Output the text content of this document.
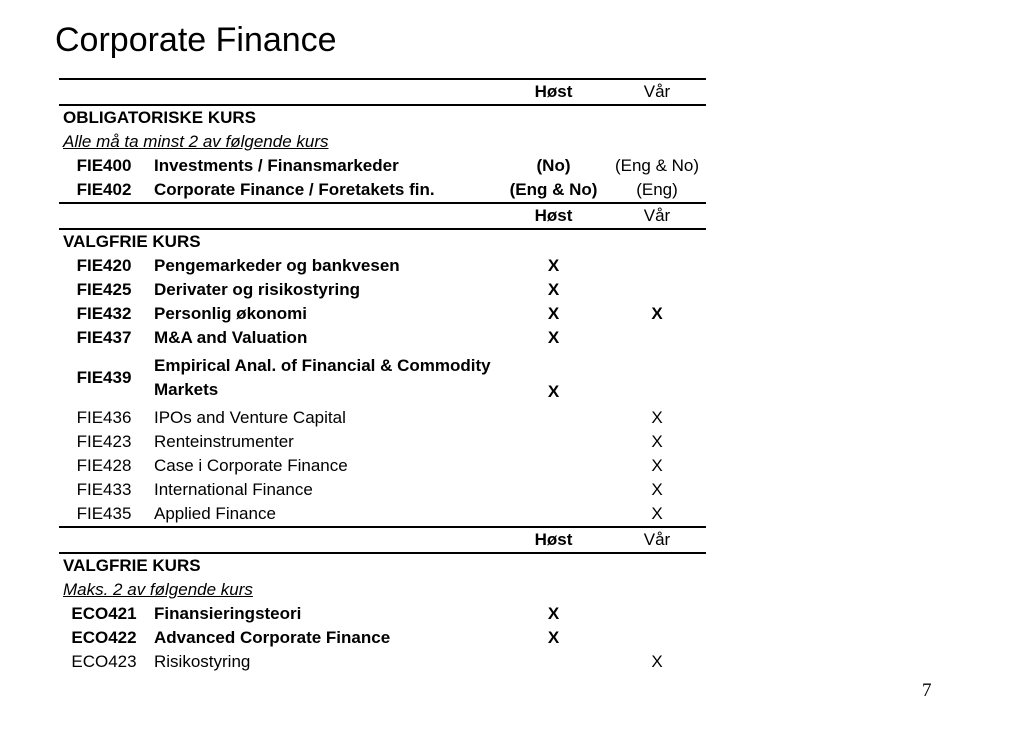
Corporate Finance
		Høst	Vår
OBLIGATORISKE KURS			
Alle må ta minst 2 av følgende kurs			
FIE400	Investments / Finansmarkeder	(No)	(Eng & No)
FIE402	Corporate Finance / Foretakets fin.	(Eng & No)	(Eng)
		Høst	Vår
VALGFRIE KURS			
FIE420	Pengemarkeder og bankvesen	X	
FIE425	Derivater og risikostyring	X	
FIE432	Personlig økonomi	X	X
FIE437	M&A and Valuation	X	
FIE439	Empirical Anal. of Financial & Commodity Markets	X	
FIE436	IPOs and Venture Capital		X
FIE423	Renteinstrumenter		X
FIE428	Case i Corporate Finance		X
FIE433	International Finance		X
FIE435	Applied Finance		X
		Høst	Vår
VALGFRIE KURS			
Maks. 2 av følgende kurs			
ECO421	Finansieringsteori	X	
ECO422	Advanced Corporate Finance	X	
ECO423	Risikostyring		X
7
